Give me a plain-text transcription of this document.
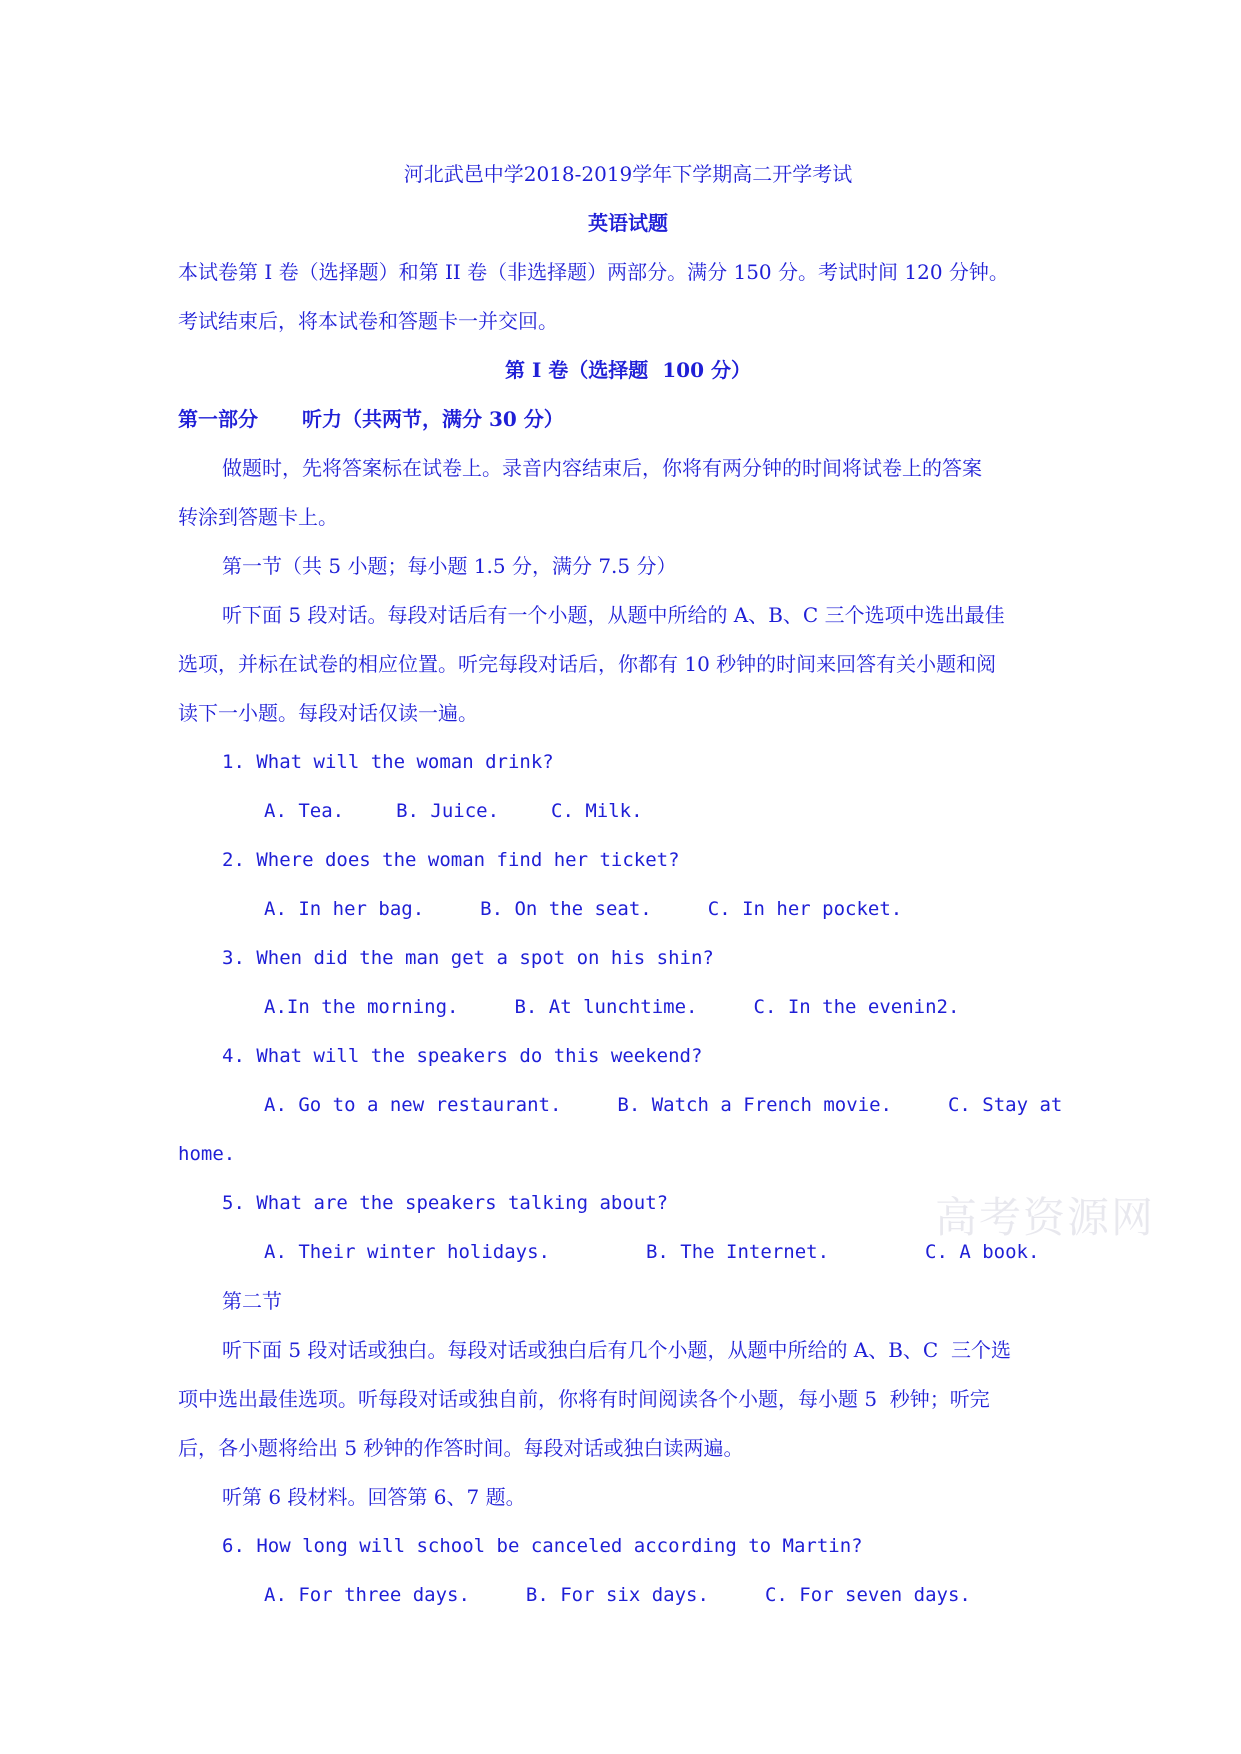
河北武邑中学2018-2019学年下学期高二开学考试
英语试题
本试卷第 I 卷（选择题）和第 II 卷（非选择题）两部分。满分 150 分。考试时间 120 分钟。
考试结束后，将本试卷和答题卡一并交回。
第 I 卷（选择题  100 分）
第一部分 听力（共两节，满分 30 分）
做题时，先将答案标在试卷上。录音内容结束后，你将有两分钟的时间将试卷上的答案
转涂到答题卡上。
第一节（共 5 小题；每小题 1.5 分，满分 7.5 分）
听下面 5 段对话。每段对话后有一个小题，从题中所给的 A、B、C 三个选项中选出最佳
选项，并标在试卷的相应位置。听完每段对话后，你都有 10 秒钟的时间来回答有关小题和阅
读下一小题。每段对话仅读一遍。
1. What will the woman drink?
A. Tea.	B. Juice.	C. Milk.
2. Where does the woman find her ticket?
A. In her bag.	B. On the seat.	C. In her pocket.
3. When did the man get a spot on his shin?
A.In the morning.	B. At lunchtime.	C. In the evenin2.
4. What will the speakers do this weekend?
A. Go to a new restaurant.	B. Watch a French movie.	C. Stay at
home.
5. What are the speakers talking about?
A. Their winter holidays.	B. The Internet.	C. A book.
第二节
听下面 5 段对话或独白。每段对话或独白后有几个小题，从题中所给的 A、B、C  三个选
项中选出最佳选项。听每段对话或独自前，你将有时间阅读各个小题，每小题 5  秒钟；听完
后，各小题将给出 5 秒钟的作答时间。每段对话或独白读两遍。
听第 6 段材料。回答第 6、7 题。
6. How long will school be canceled according to Martin?
A. For three days.	B. For six days.	C. For seven days.
高考资源网
